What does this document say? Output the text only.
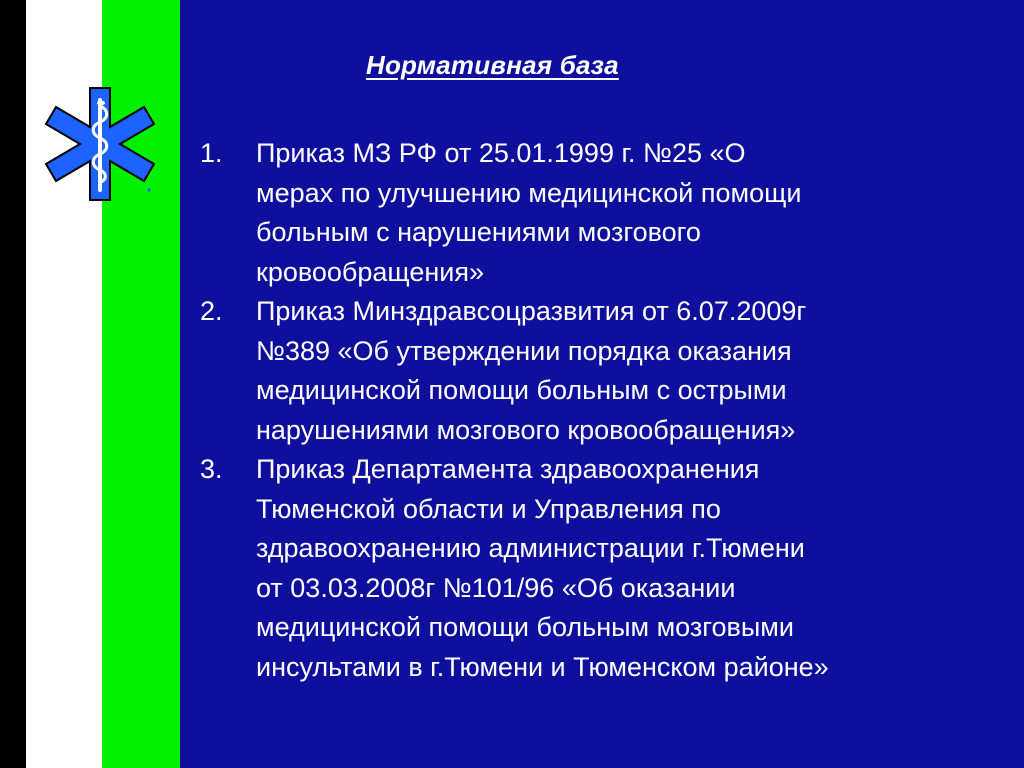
Нормативная база
1.	Приказ МЗ РФ от 25.01.1999 г. №25 «О
мерах по улучшению медицинской помощи
больным с нарушениями мозгового
кровообращения»
2.	Приказ Минздравсоцразвития от 6.07.2009г
№389 «Об утверждении порядка оказания
медицинской помощи больным с острыми
нарушениями мозгового кровообращения»
3.	Приказ Департамента здравоохранения
Тюменской области и Управления по
здравоохранению администрации г.Тюмени
от 03.03.2008г №101/96 «Об оказании
медицинской помощи больным мозговыми
инсультами в г.Тюмени и Тюменском районе»
